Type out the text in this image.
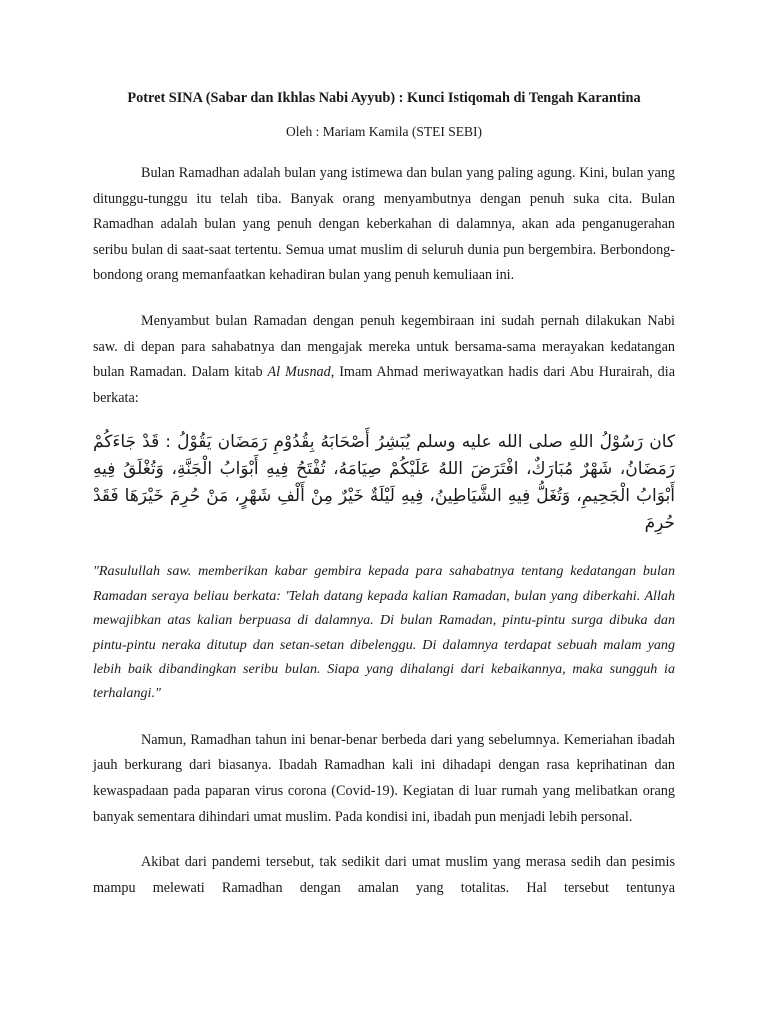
Potret SINA (Sabar dan Ikhlas Nabi Ayyub) : Kunci Istiqomah di Tengah Karantina

Oleh : Mariam Kamila (STEI SEBI)

Bulan Ramadhan adalah bulan yang istimewa dan bulan yang paling agung. Kini, bulan yang ditunggu-tunggu itu telah tiba. Banyak orang menyambutnya dengan penuh suka cita. Bulan Ramadhan adalah bulan yang penuh dengan keberkahan di dalamnya, akan ada penganugerahan seribu bulan di saat-saat tertentu. Semua umat muslim di seluruh dunia pun bergembira. Berbondong-bondong orang memanfaatkan kehadiran bulan yang penuh kemuliaan ini.

Menyambut bulan Ramadan dengan penuh kegembiraan ini sudah pernah dilakukan Nabi saw. di depan para sahabatnya dan mengajak mereka untuk bersama-sama merayakan kedatangan bulan Ramadan. Dalam kitab Al Musnad, Imam Ahmad meriwayatkan hadis dari Abu Hurairah, dia berkata:

كان رَسُوْلُ اللهِ صلى الله عليه وسلم يُبَشِرُ أَصْحَابَهُ بِقُدُوْمِ رَمَضَان يَقُوْلُ : قَدْ جَاءَكُمْ رَمَضَانُ، شَهْرٌ مُبَارَكٌ، افْتَرَضَ اللهُ عَلَيْكُمْ صِيَامَهُ، تُفْتَحُ فِيهِ أَبْوَابُ الْجَنَّةِ، وَتُغْلَقُ فِيهِ أَبْوَابُ الْجَحِيمِ، وَتُغَلُّ فِيهِ الشَّيَاطِينُ، فِيهِ لَيْلَةٌ خَيْرٌ مِنْ أَلْفِ شَهْرٍ، مَنْ حُرِمَ خَيْرَهَا فَقَدْ حُرِمَ

"Rasulullah saw. memberikan kabar gembira kepada para sahabatnya tentang kedatangan bulan Ramadan seraya beliau berkata: 'Telah datang kepada kalian Ramadan, bulan yang diberkahi. Allah mewajibkan atas kalian berpuasa di dalamnya. Di bulan Ramadan, pintu-pintu surga dibuka dan pintu-pintu neraka ditutup dan setan-setan dibelenggu. Di dalamnya terdapat sebuah malam yang lebih baik dibandingkan seribu bulan. Siapa yang dihalangi dari kebaikannya, maka sungguh ia terhalangi."

Namun, Ramadhan tahun ini benar-benar berbeda dari yang sebelumnya. Kemeriahan ibadah jauh berkurang dari biasanya. Ibadah Ramadhan kali ini dihadapi dengan rasa keprihatinan dan kewaspadaan pada paparan virus corona (Covid-19). Kegiatan di luar rumah yang melibatkan orang banyak sementara dihindari umat muslim. Pada kondisi ini, ibadah pun menjadi lebih personal.

Akibat dari pandemi tersebut, tak sedikit dari umat muslim yang merasa sedih dan pesimis mampu melewati Ramadhan dengan amalan yang totalitas. Hal tersebut tentunya
